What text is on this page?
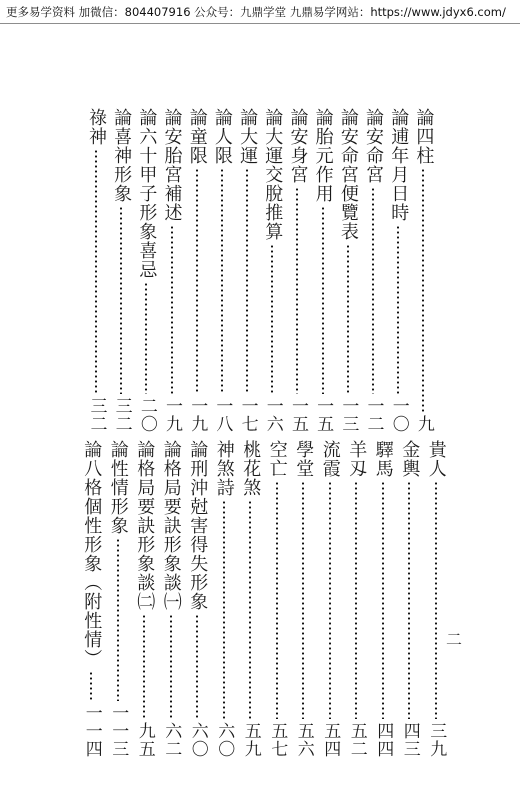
更多易学资料 加微信：804407916 公众号：九鼎学堂 九鼎易学网站：https://www.jdyx6.com/
論四柱
九
論逋年月日時
一〇
論安命宮
一二
論安命宮便覽表
一三
論胎元作用
一五
論安身宮
一五
論大運交脫推算
一六
論大運
一七
論人限
一八
論童限
一九
論安胎宮補述
一九
論六十甲子形象喜忌
二〇
論喜神形象
三二
祿神
三二
貴人
三九
金輿
四三
驛馬
四四
羊刄
五二
流霞
五四
學堂
五六
空亡
五七
桃花煞
五九
神煞詩
六〇
論刑沖尅害得失形象
六〇
論格局要訣形象談㈠
六二
論格局要訣形象談㈡
九五
論性情形象
一一三
論八格個性形象（附性情）
一一四
二
